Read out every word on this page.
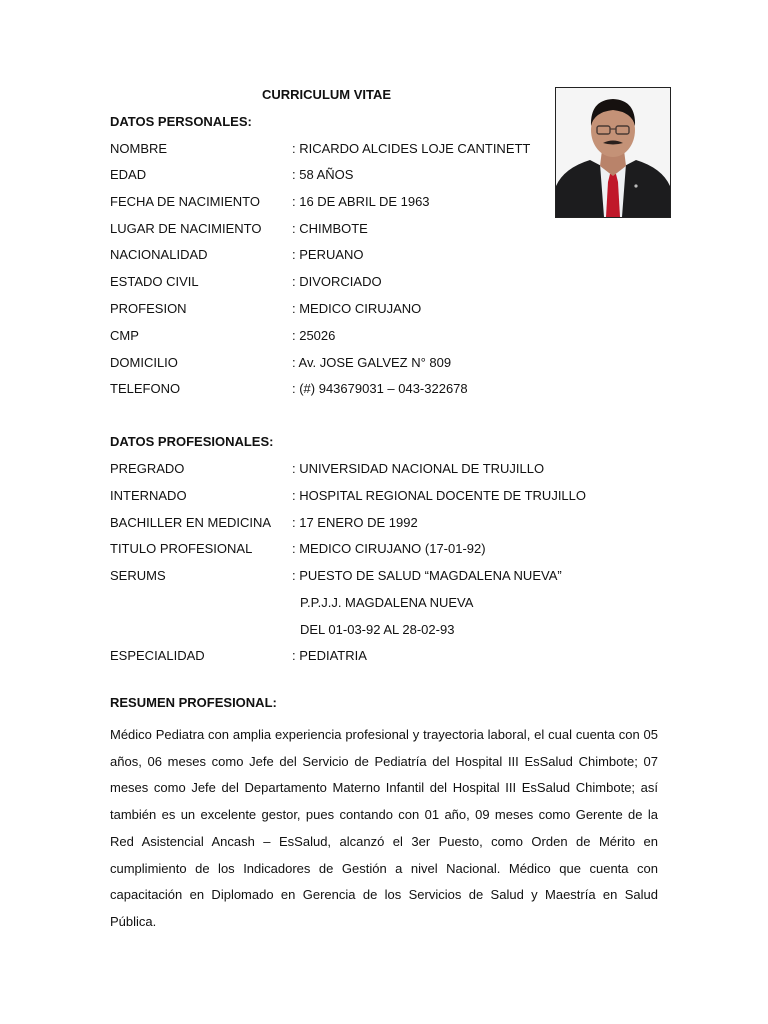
CURRICULUM VITAE
DATOS PERSONALES:
NOMBRE	: RICARDO ALCIDES LOJE CANTINETT
EDAD	: 58 AÑOS
FECHA DE NACIMIENTO : 16 DE ABRIL DE 1963
LUGAR DE NACIMIENTO : CHIMBOTE
NACIONALIDAD	: PERUANO
ESTADO CIVIL	: DIVORCIADO
PROFESION	: MEDICO CIRUJANO
CMP	: 25026
DOMICILIO	: Av. JOSE GALVEZ N° 809
TELEFONO	: (#) 943679031 – 043-322678
DATOS PROFESIONALES:
PREGRADO	: UNIVERSIDAD NACIONAL DE TRUJILLO
INTERNADO	: HOSPITAL REGIONAL DOCENTE DE TRUJILLO
BACHILLER EN MEDICINA : 17 ENERO DE 1992
TITULO PROFESIONAL	: MEDICO CIRUJANO (17-01-92)
SERUMS	: PUESTO DE SALUD “MAGDALENA NUEVA”
P.P.J.J. MAGDALENA NUEVA
DEL 01-03-92 AL 28-02-93
ESPECIALIDAD	: PEDIATRIA
RESUMEN PROFESIONAL:

Médico Pediatra con amplia experiencia profesional y trayectoria laboral, el cual cuenta con 05 años, 06 meses como Jefe del Servicio de Pediatría del Hospital III EsSalud Chimbote; 07 meses como Jefe del Departamento Materno Infantil del Hospital III EsSalud Chimbote; así también es un excelente gestor, pues contando con 01 año, 09 meses como Gerente de la Red Asistencial Ancash – EsSalud, alcanzó el 3er Puesto, como Orden de Mérito en cumplimiento de los Indicadores de Gestión a nivel Nacional. Médico que cuenta con capacitación en Diplomado en Gerencia de los Servicios de Salud y Maestría en Salud Pública.
